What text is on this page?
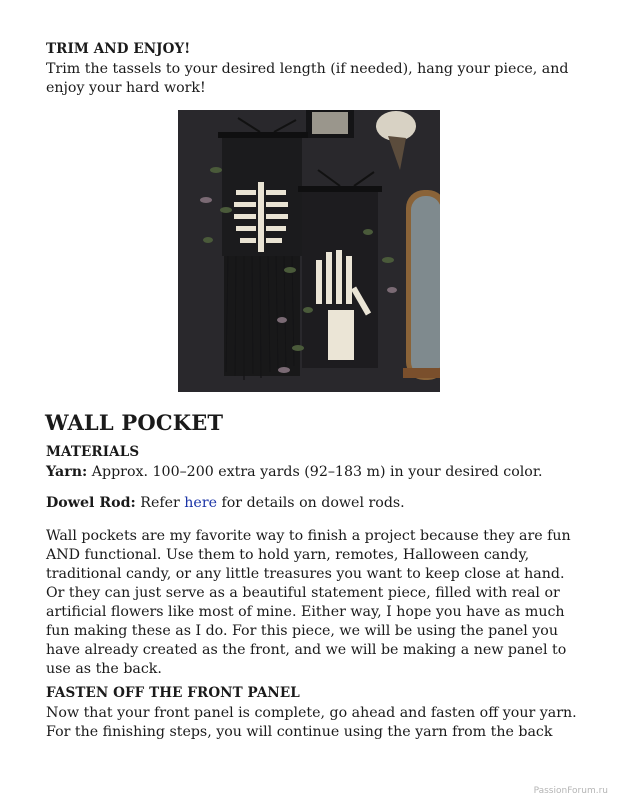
TRIM AND ENJOY!

Trim the tassels to your desired length (if needed), hang your piece, and enjoy your hard work!

WALL POCKET

MATERIALS

Yarn: Approx. 100–200 extra yards (92–183 m) in your desired color.

Dowel Rod: Refer here for details on dowel rods.

Wall pockets are my favorite way to finish a project because they are fun AND functional. Use them to hold yarn, remotes, Halloween candy, traditional candy, or any little treasures you want to keep close at hand. Or they can just serve as a beautiful statement piece, filled with real or artificial flowers like most of mine. Either way, I hope you have as much fun making these as I do. For this piece, we will be using the panel you have already created as the front, and we will be making a new panel to use as the back.

FASTEN OFF THE FRONT PANEL

Now that your front panel is complete, go ahead and fasten off your yarn. For the finishing steps, you will continue using the yarn from the back

PassionForum.ru
